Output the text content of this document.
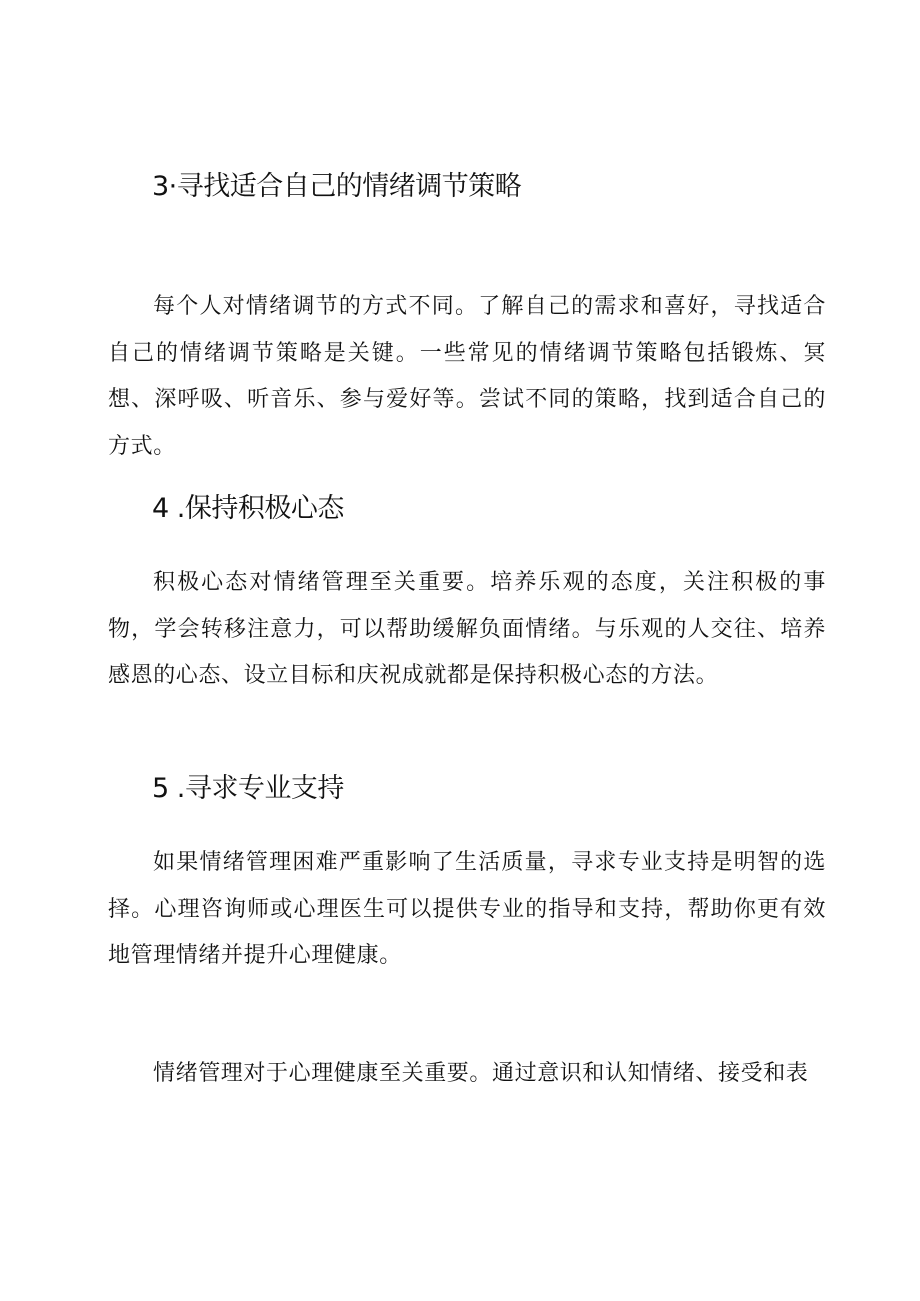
3·寻找适合自己的情绪调节策略

每个人对情绪调节的方式不同。了解自己的需求和喜好，寻找适合自己的情绪调节策略是关键。一些常见的情绪调节策略包括锻炼、冥想、深呼吸、听音乐、参与爱好等。尝试不同的策略，找到适合自己的方式。

4 .保持积极心态

积极心态对情绪管理至关重要。培养乐观的态度，关注积极的事物，学会转移注意力，可以帮助缓解负面情绪。与乐观的人交往、培养感恩的心态、设立目标和庆祝成就都是保持积极心态的方法。

5 .寻求专业支持

如果情绪管理困难严重影响了生活质量，寻求专业支持是明智的选择。心理咨询师或心理医生可以提供专业的指导和支持，帮助你更有效地管理情绪并提升心理健康。

情绪管理对于心理健康至关重要。通过意识和认知情绪、接受和表
